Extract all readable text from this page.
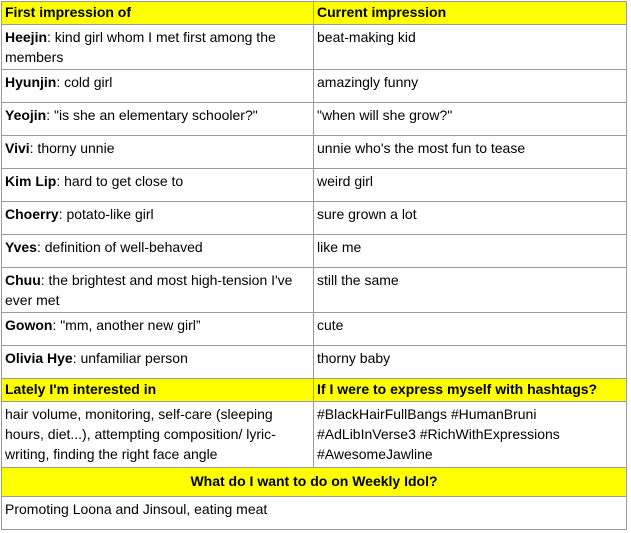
First impression of	Current impression
Heejin: kind girl whom I met first among the members	beat-making kid
Hyunjin: cold girl	amazingly funny
Yeojin: "is she an elementary schooler?"	"when will she grow?"
Vivi: thorny unnie	unnie who's the most fun to tease
Kim Lip: hard to get close to	weird girl
Choerry: potato-like girl	sure grown a lot
Yves: definition of well-behaved	like me
Chuu: the brightest and most high-tension I've ever met	still the same
Gowon: "mm, another new girl”	cute
Olivia Hye: unfamiliar person	thorny baby
Lately I'm interested in	If I were to express myself with hashtags?
hair volume, monitoring, self-care (sleeping hours, diet...), attempting composition/ lyric-writing, finding the right face angle	#BlackHairFullBangs #HumanBruni #AdLibInVerse3 #RichWithExpressions #AwesomeJawline
What do I want to do on Weekly Idol?	
Promoting Loona and Jinsoul, eating meat	
